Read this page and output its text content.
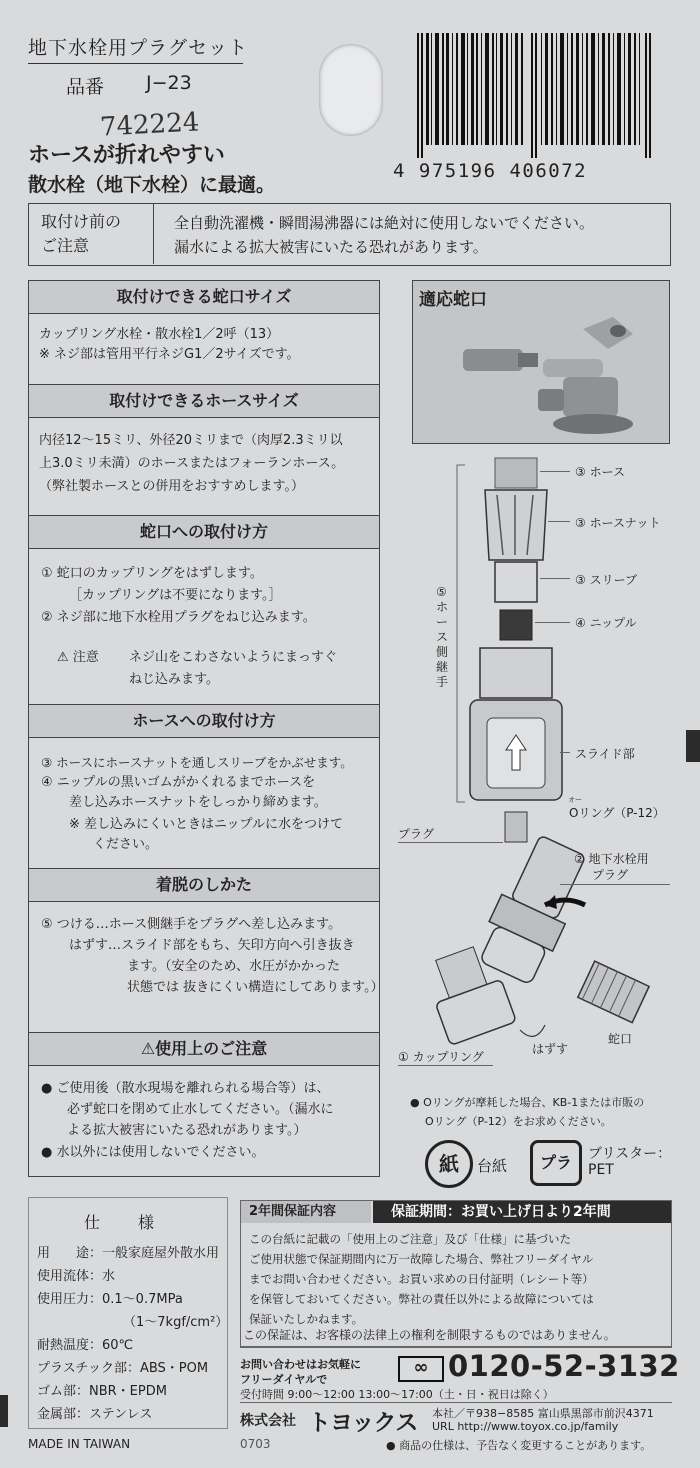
地下水栓用プラグセット
品番 J−23
742224
ホースが折れやすい
散水栓（地下水栓）に最適。
4 975196 406072
取付け前の
ご注意
全自動洗濯機・瞬間湯沸器には絶対に使用しないでください。
漏水による拡大被害にいたる恐れがあります。
取付けできる蛇口サイズ
カップリング水栓・散水栓1／2呼（13）
※ ネジ部は管用平行ネジG1／2サイズです。
取付けできるホースサイズ
内径12〜15ミリ、外径20ミリまで（肉厚2.3ミリ以
上3.0ミリ未満）のホースまたはフォーランホース。
（弊社製ホースとの併用をおすすめします。）
蛇口への取付け方
① 蛇口のカップリングをはずします。
［カップリングは不要になります。］
② ネジ部に地下水栓用プラグをねじ込みます。
⚠ 注意 ネジ山をこわさないようにまっすぐ
ねじ込みます。
ホースへの取付け方
③ ホースにホースナットを通しスリーブをかぶせます。
④ ニップルの黒いゴムがかくれるまでホースを
差し込みホースナットをしっかり締めます。
※ 差し込みにくいときはニップルに水をつけて
ください。
着脱のしかた
⑤ つける…ホース側継手をプラグへ差し込みます。
はずす…スライド部をもち、矢印方向へ引き抜き
ます。（安全のため、水圧がかかった
状態では 抜きにくい構造にしてあります。）
⚠使用上のご注意
● ご使用後（散水現場を離れられる場合等）は、
必ず蛇口を閉めて止水してください。（漏水に
よる拡大被害にいたる恐れがあります。）
● 水以外には使用しないでください。
適応蛇口
③ ホース
③ ホースナット
③ スリーブ
④ ニップル
⑤ホース側継手
スライド部
オー
Oリング（P-12）
プラグ
② 地下水栓用
プラグ
蛇口
はずす
① カップリング
● Oリングが摩耗した場合、KB-1または市販の
Oリング（P-12）をお求めください。
紙	台紙	プラ	ブリスター：
PET
仕　　様
用　　途：一般家庭屋外散水用
使用流体：水
使用圧力：0.1〜0.7MPa
（1〜7kgf/cm²）
耐熱温度：60℃
プラスチック部：ABS・POM
ゴム部：NBR・EPDM
金属部：ステンレス
2年間保証内容	保証期間：お買い上げ日より2年間
この台紙に記載の「使用上のご注意」及び「仕様」に基づいた
ご使用状態で保証期間内に万一故障した場合、弊社フリーダイヤル
までお問い合わせください。お買い求めの日付証明（レシート等）
を保管しておいてください。弊社の責任以外による故障については
保証いたしかねます。
この保証は、お客様の法律上の権利を制限するものではありません。
お問い合わせはお気軽に
フリーダイヤルで
∞ 0120-52-3132
受付時間 9:00〜12:00 13:00〜17:00（土・日・祝日は除く）
株式会社 トヨックス 本社／〒938−8585 富山県黒部市前沢4371
URL http://www.toyox.co.jp/family
● 商品の仕様は、予告なく変更することがあります。
MADE IN TAIWAN	0703
